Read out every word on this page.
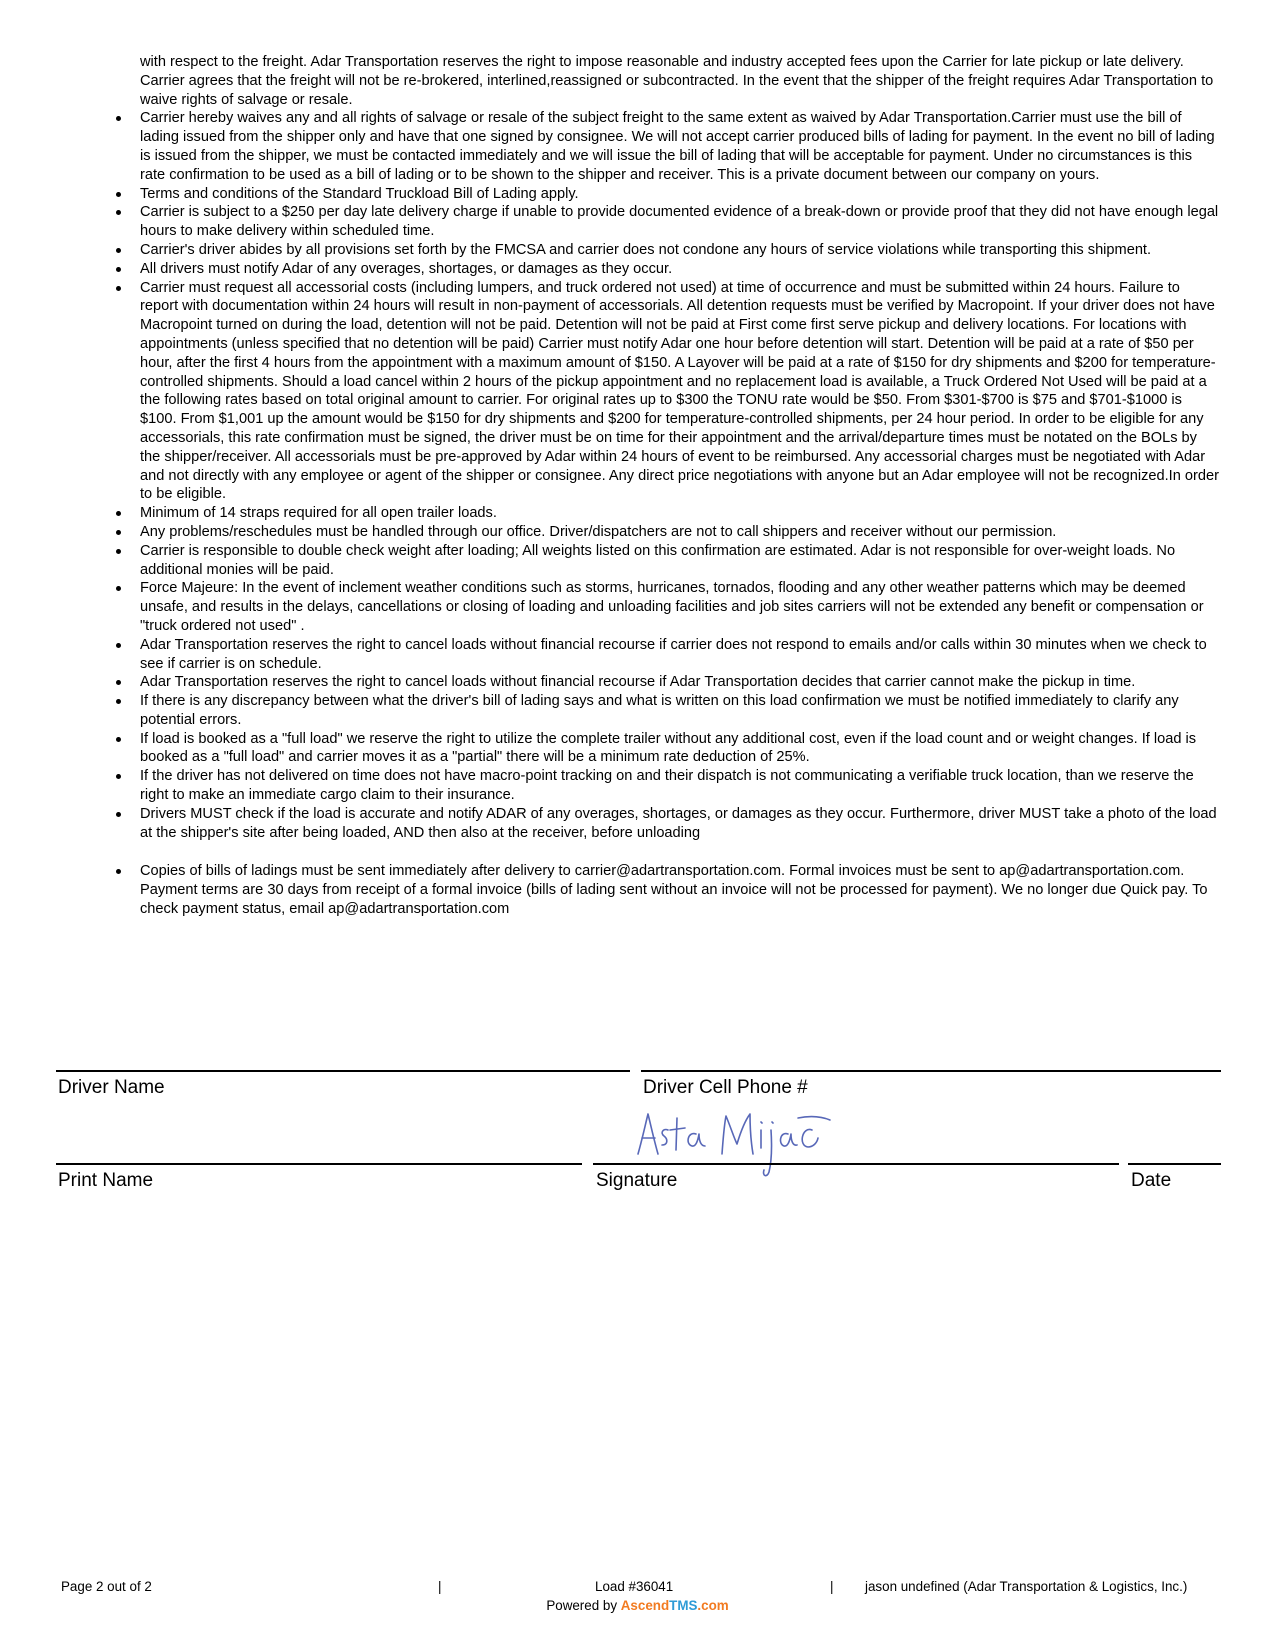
with respect to the freight. Adar Transportation reserves the right to impose reasonable and industry accepted fees upon the Carrier for late pickup or late delivery. Carrier agrees that the freight will not be re-brokered, interlined,reassigned or subcontracted. In the event that the shipper of the freight requires Adar Transportation to waive rights of salvage or resale.

Carrier hereby waives any and all rights of salvage or resale of the subject freight to the same extent as waived by Adar Transportation.Carrier must use the bill of lading issued from the shipper only and have that one signed by consignee. We will not accept carrier produced bills of lading for payment. In the event no bill of lading is issued from the shipper, we must be contacted immediately and we will issue the bill of lading that will be acceptable for payment. Under no circumstances is this rate confirmation to be used as a bill of lading or to be shown to the shipper and receiver. This is a private document between our company on yours.
Terms and conditions of the Standard Truckload Bill of Lading apply.
Carrier is subject to a $250 per day late delivery charge if unable to provide documented evidence of a break-down or provide proof that they did not have enough legal hours to make delivery within scheduled time.
Carrier's driver abides by all provisions set forth by the FMCSA and carrier does not condone any hours of service violations while transporting this shipment.
All drivers must notify Adar of any overages, shortages, or damages as they occur.
Carrier must request all accessorial costs (including lumpers, and truck ordered not used) at time of occurrence and must be submitted within 24 hours. Failure to report with documentation within 24 hours will result in non-payment of accessorials. All detention requests must be verified by Macropoint. If your driver does not have Macropoint turned on during the load, detention will not be paid. Detention will not be paid at First come first serve pickup and delivery locations. For locations with appointments (unless specified that no detention will be paid) Carrier must notify Adar one hour before detention will start. Detention will be paid at a rate of $50 per hour, after the first 4 hours from the appointment with a maximum amount of $150. A Layover will be paid at a rate of $150 for dry shipments and $200 for temperature-controlled shipments. Should a load cancel within 2 hours of the pickup appointment and no replacement load is available, a Truck Ordered Not Used will be paid at a the following rates based on total original amount to carrier. For original rates up to $300 the TONU rate would be $50. From $301-$700 is $75 and $701-$1000 is $100. From $1,001 up the amount would be $150 for dry shipments and $200 for temperature-controlled shipments, per 24 hour period. In order to be eligible for any accessorials, this rate confirmation must be signed, the driver must be on time for their appointment and the arrival/departure times must be notated on the BOLs by the shipper/receiver. All accessorials must be pre-approved by Adar within 24 hours of event to be reimbursed. Any accessorial charges must be negotiated with Adar and not directly with any employee or agent of the shipper or consignee. Any direct price negotiations with anyone but an Adar employee will not be recognized.In order to be eligible.
Minimum of 14 straps required for all open trailer loads.
Any problems/reschedules must be handled through our office. Driver/dispatchers are not to call shippers and receiver without our permission.
Carrier is responsible to double check weight after loading; All weights listed on this confirmation are estimated. Adar is not responsible for over-weight loads. No additional monies will be paid.
Force Majeure: In the event of inclement weather conditions such as storms, hurricanes, tornados, flooding and any other weather patterns which may be deemed unsafe, and results in the delays, cancellations or closing of loading and unloading facilities and job sites carriers will not be extended any benefit or compensation or "truck ordered not used" .
Adar Transportation reserves the right to cancel loads without financial recourse if carrier does not respond to emails and/or calls within 30 minutes when we check to see if carrier is on schedule.
Adar Transportation reserves the right to cancel loads without financial recourse if Adar Transportation decides that carrier cannot make the pickup in time.
If there is any discrepancy between what the driver's bill of lading says and what is written on this load confirmation we must be notified immediately to clarify any potential errors.
If load is booked as a "full load" we reserve the right to utilize the complete trailer without any additional cost, even if the load count and or weight changes. If load is booked as a "full load" and carrier moves it as a "partial" there will be a minimum rate deduction of 25%.
If the driver has not delivered on time does not have macro-point tracking on and their dispatch is not communicating a verifiable truck location, than we reserve the right to make an immediate cargo claim to their insurance.
Drivers MUST check if the load is accurate and notify ADAR of any overages, shortages, or damages as they occur. Furthermore, driver MUST take a photo of the load at the shipper's site after being loaded, AND then also at the receiver, before unloading
Copies of bills of ladings must be sent immediately after delivery to carrier@adartransportation.com. Formal invoices must be sent to ap@adartransportation.com. Payment terms are 30 days from receipt of a formal invoice (bills of lading sent without an invoice will not be processed for payment). We no longer due Quick pay. To check payment status, email ap@adartransportation.com
Driver Name	Driver Cell Phone #
Print Name	Signature	Date
Page 2 out of 2	|	Load #36041	| jason undefined (Adar Transportation & Logistics, Inc.)
Powered by AscendTMS.com
